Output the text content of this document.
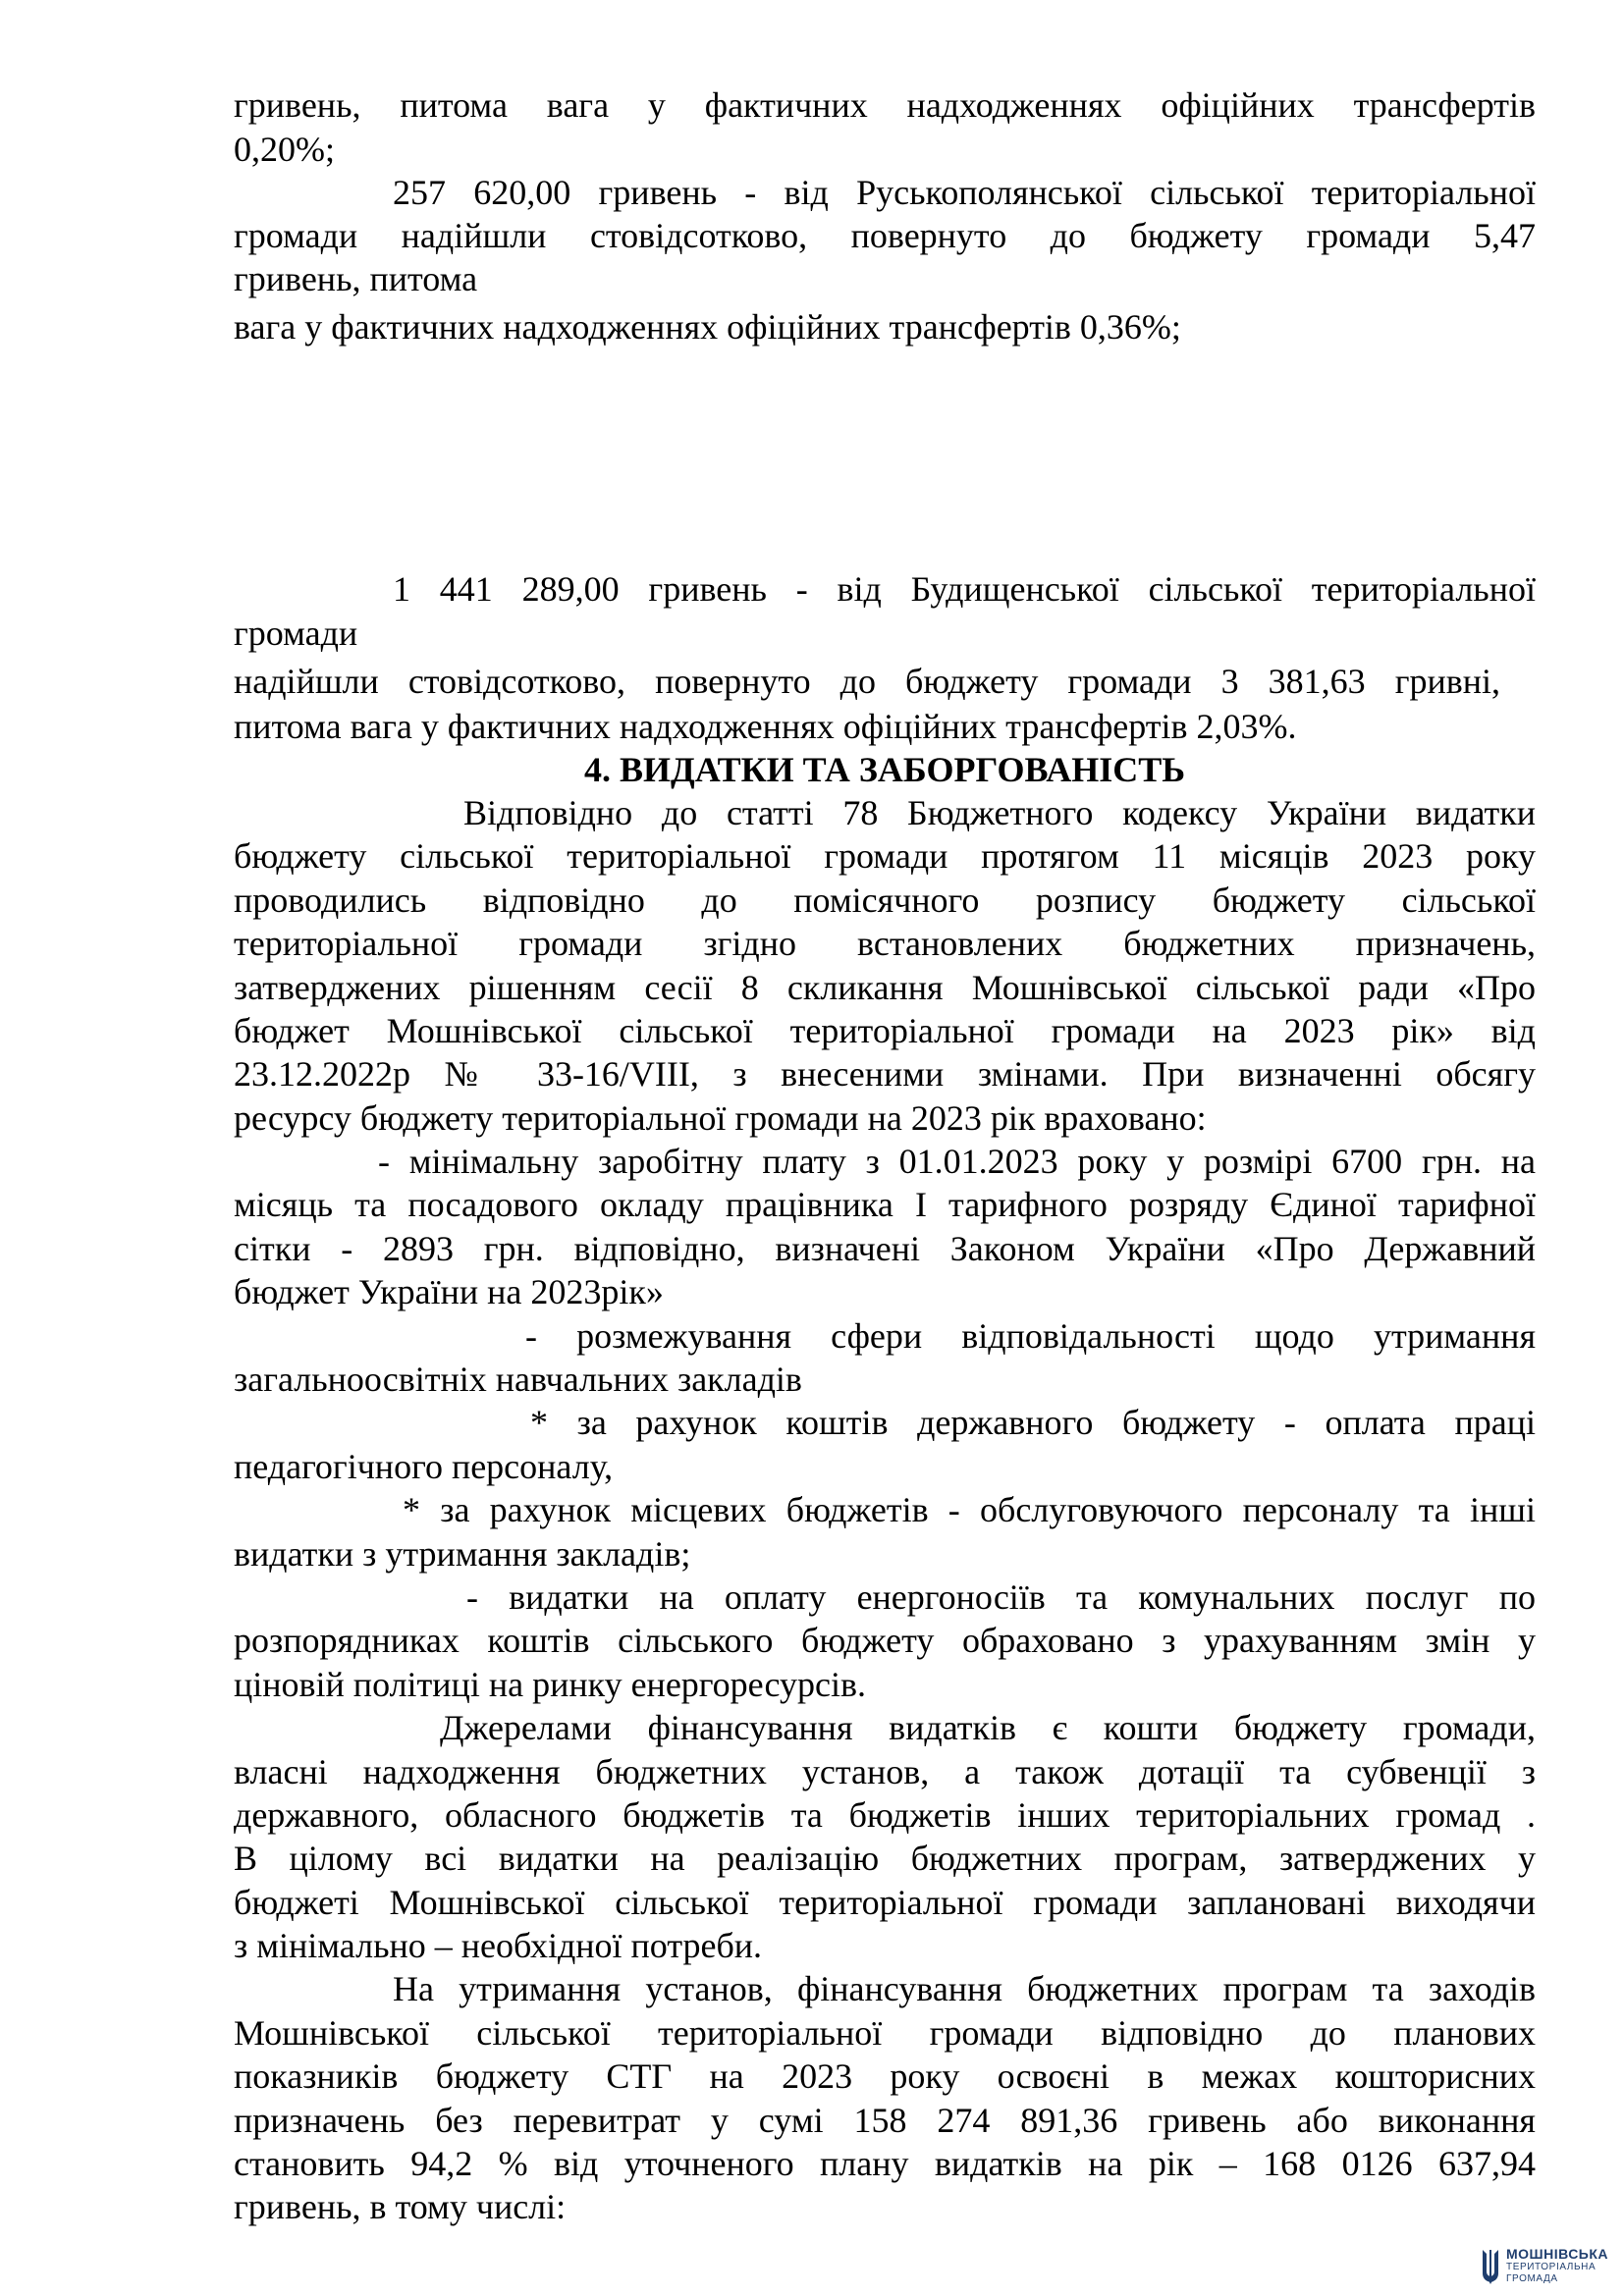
гривень, питома вага у фактичних надходженнях офіційних трансфертів
0,20%;
257 620,00 гривень - від Руськополянської сільської територіальної
громади надійшли стовідсотково, повернуто до бюджету громади 5,47
гривень, питома
вага у фактичних надходженнях офіційних трансфертів 0,36%;
1 441 289,00 гривень - від Будищенської сільської територіальної
громади
надійшли стовідсотково, повернуто до бюджету громади 3 381,63 гривні,
питома вага у фактичних надходженнях офіційних трансфертів 2,03%.
4. ВИДАТКИ ТА ЗАБОРГОВАНІСТЬ
Відповідно до статті 78 Бюджетного кодексу України видатки
бюджету сільської територіальної громади протягом 11 місяців 2023 року
проводились відповідно до помісячного розпису бюджету сільської
територіальної громади згідно встановлених бюджетних призначень,
затверджених рішенням сесії 8 скликання Мошнівської сільської ради «Про
бюджет Мошнівської сільської територіальної громади на 2023 рік» від
23.12.2022р № 33-16/VIII, з внесеними змінами. При визначенні обсягу
ресурсу бюджету територіальної громади на 2023 рік враховано:
- мінімальну заробітну плату з 01.01.2023 року у розмірі 6700 грн. на
місяць та посадового окладу працівника І тарифного розряду Єдиної тарифної
сітки - 2893 грн. відповідно, визначені Законом України «Про Державний
бюджет України на 2023рік»
- розмежування сфери відповідальності щодо утримання
загальноосвітніх навчальних закладів
* за рахунок коштів державного бюджету - оплата праці
педагогічного персоналу,
* за рахунок місцевих бюджетів - обслуговуючого персоналу та інші
видатки з утримання закладів;
- видатки на оплату енергоносіїв та комунальних послуг по
розпорядниках коштів сільського бюджету обраховано з урахуванням змін у
ціновій політиці на ринку енергоресурсів.
Джерелами фінансування видатків є кошти бюджету громади,
власні надходження бюджетних установ, а також дотації та субвенції з
державного, обласного бюджетів та бюджетів інших територіальних громад .
В цілому всі видатки на реалізацію бюджетних програм, затверджених у
бюджеті Мошнівської сільської територіальної громади заплановані виходячи
з мінімально – необхідної потреби.
На утримання установ, фінансування бюджетних програм та заходів
Мошнівської сільської територіальної громади відповідно до планових
показників бюджету СТГ на 2023 року освоєні в межах кошторисних
призначень без перевитрат у сумі 158 274 891,36 гривень або виконання
становить 94,2 % від уточненого плану видатків на рік – 168 0126 637,94
гривень, в тому числі:
МОШНІВСЬКА
ТЕРИТОРІАЛЬНА
ГРОМАДА
